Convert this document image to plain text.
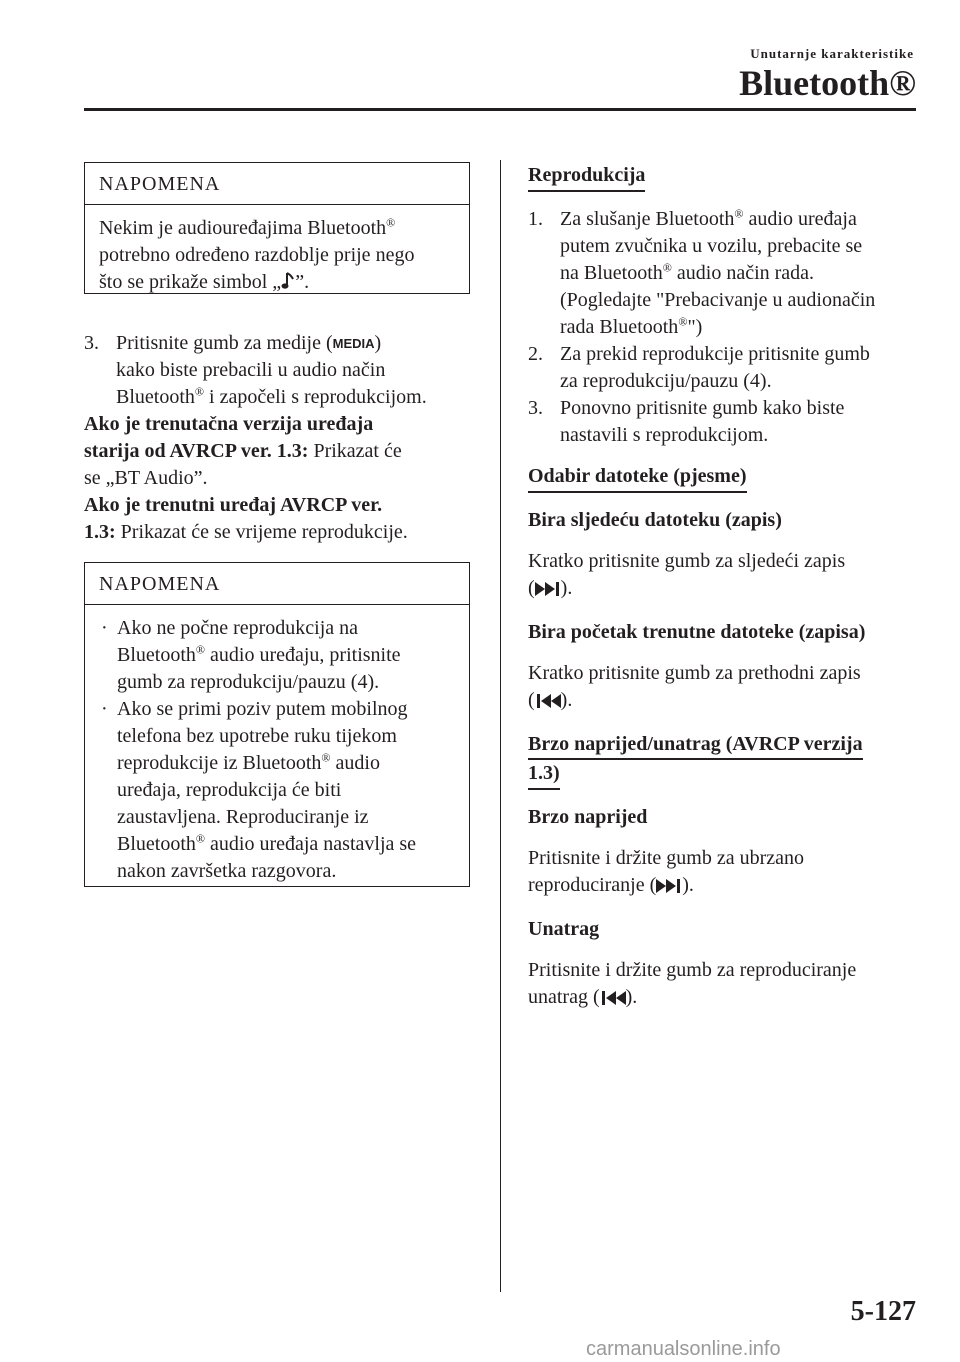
Unutarnje karakteristike
Bluetooth®
NAPOMENA

Nekim je audiouređajima Bluetooth®

potrebno određeno razdoblje prije nego

što se prikaže simbol „ ”.

3. Pritisnite gumb za medije (MEDIA)

kako biste prebacili u audio način

Bluetooth® i započeli s reprodukcijom.

Ako je trenutačna verzija uređaja

starija od AVRCP ver. 1.3: Prikazat će

se „BT Audio”.

Ako je trenutni uređaj AVRCP ver.

1.3: Prikazat će se vrijeme reprodukcije.

NAPOMENA
· Ako ne počne reprodukcija na

Bluetooth® audio uređaju, pritisnite

gumb za reprodukciju/pauzu (4).

· Ako se primi poziv putem mobilnog

telefona bez upotrebe ruku tijekom

reprodukcije iz Bluetooth® audio

uređaja, reprodukcija će biti

zaustavljena. Reproduciranje iz

Bluetooth® audio uređaja nastavlja se

nakon završetka razgovora.

Reprodukcija

1. Za slušanje Bluetooth® audio uređaja

putem zvučnika u vozilu, prebacite se

na Bluetooth® audio način rada.

(Pogledajte "Prebacivanje u audionačin

rada Bluetooth®")

2. Za prekid reprodukcije pritisnite gumb

za reprodukciju/pauzu (4).

3. Ponovno pritisnite gumb kako biste

nastavili s reprodukcijom.

Odabir datoteke (pjesme)

Bira sljedeću datoteku (zapis)

Kratko pritisnite gumb za sljedeći zapis

( ).

Bira početak trenutne datoteke (zapisa)

Kratko pritisnite gumb za prethodni zapis

( ).

Brzo naprijed/unatrag (AVRCP verzija

1.3)

Brzo naprijed

Pritisnite i držite gumb za ubrzano

reproduciranje ( ).

Unatrag

Pritisnite i držite gumb za reproduciranje

unatrag ( ).

5-127
carmanualsonline.info
